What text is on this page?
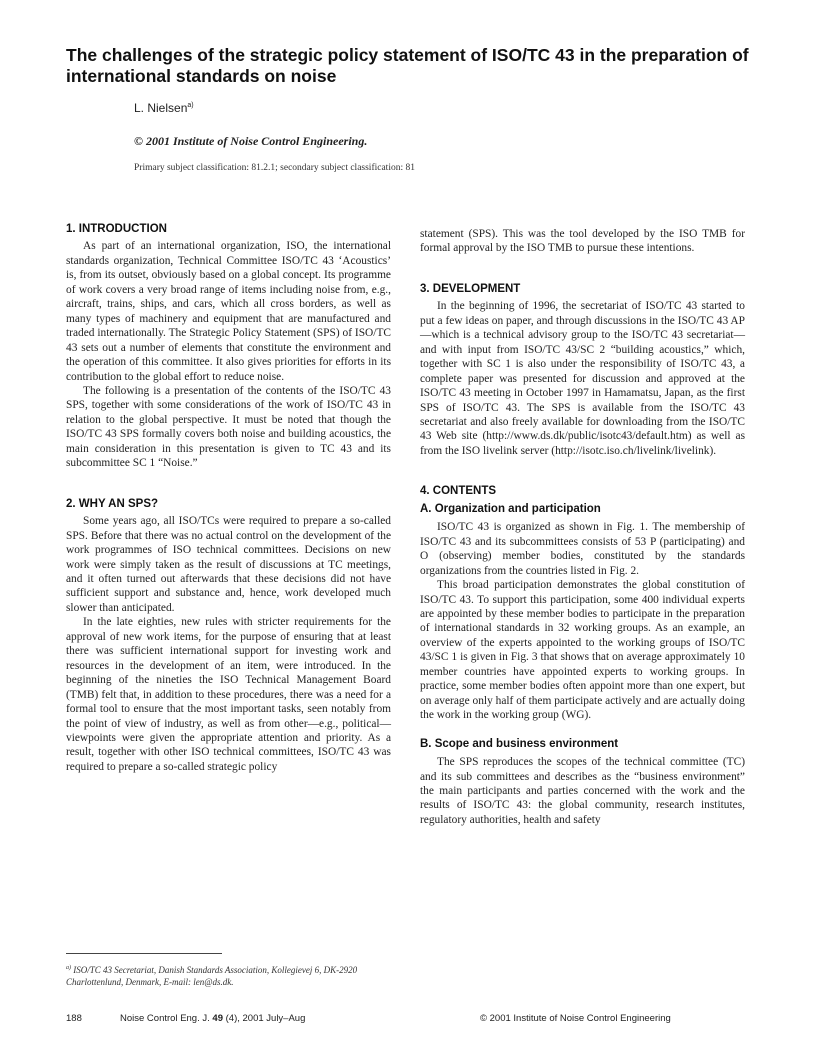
The challenges of the strategic policy statement of ISO/TC 43 in the preparation of international standards on noise
L. Nielsen$^{a)}$
© 2001 Institute of Noise Control Engineering.
Primary subject classification: 81.2.1; secondary subject classification: 81
1. INTRODUCTION

As part of an international organization, ISO, the international standards organization, Technical Committee ISO/TC 43 ‘Acoustics’ is, from its outset, obviously based on a global concept. Its programme of work covers a very broad range of items including noise from, e.g., aircraft, trains, ships, and cars, which all cross borders, as well as many types of machinery and equipment that are manufactured and traded internationally. The Strategic Policy Statement (SPS) of ISO/TC 43 sets out a number of elements that constitute the environment and the operation of this committee. It also gives priorities for efforts in its contribution to the global effort to reduce noise.

The following is a presentation of the contents of the ISO/TC 43 SPS, together with some considerations of the work of ISO/TC 43 in relation to the global perspective. It must be noted that though the ISO/TC 43 SPS formally covers both noise and building acoustics, the main consideration in this presentation is given to TC 43 and its subcommittee SC 1 “Noise.”

2. WHY AN SPS?

Some years ago, all ISO/TCs were required to prepare a so-called SPS. Before that there was no actual control on the development of the work programmes of ISO technical committees. Decisions on new work were simply taken as the result of discussions at TC meetings, and it often turned out afterwards that these decisions did not have sufficient support and substance and, hence, work developed much slower than anticipated.

In the late eighties, new rules with stricter requirements for the approval of new work items, for the purpose of ensuring that at least there was sufficient international support for investing work and resources in the development of an item, were introduced. In the beginning of the nineties the ISO Technical Management Board (TMB) felt that, in addition to these procedures, there was a need for a formal tool to ensure that the most important tasks, seen notably from the point of view of industry, as well as from other—e.g., political—viewpoints were given the appropriate attention and priority. As a result, together with other ISO technical committees, ISO/TC 43 was required to prepare a so-called strategic policy

statement (SPS). This was the tool developed by the ISO TMB for formal approval by the ISO TMB to pursue these intentions.

3. DEVELOPMENT

In the beginning of 1996, the secretariat of ISO/TC 43 started to put a few ideas on paper, and through discussions in the ISO/TC 43 AP—which is a technical advisory group to the ISO/TC 43 secretariat—and with input from ISO/TC 43/SC 2 “building acoustics,” which, together with SC 1 is also under the responsibility of ISO/TC 43, a complete paper was presented for discussion and approved at the ISO/TC 43 meeting in October 1997 in Hamamatsu, Japan, as the first SPS of ISO/TC 43. The SPS is available from the ISO/TC 43 secretariat and also freely available for downloading from the ISO/TC 43 Web site (http://www.ds.dk/public/isotc43/default.htm) as well as from the ISO livelink server (http://isotc.iso.ch/livelink/livelink).

4. CONTENTS
A. Organization and participation

ISO/TC 43 is organized as shown in Fig. 1. The membership of ISO/TC 43 and its subcommittees consists of 53 P (participating) and O (observing) member bodies, constituted by the standards organizations from the countries listed in Fig. 2.

This broad participation demonstrates the global constitution of ISO/TC 43. To support this participation, some 400 individual experts are appointed by these member bodies to participate in the preparation of international standards in 32 working groups. As an example, an overview of the experts appointed to the working groups of ISO/TC 43/SC 1 is given in Fig. 3 that shows that on average approximately 10 member countries have appointed experts to working groups. In practice, some member bodies often appoint more than one expert, but on average only half of them participate actively and are actually doing the work in the working group (WG).

B. Scope and business environment

The SPS reproduces the scopes of the technical committee (TC) and its sub committees and describes as the “business environment” the main participants and parties concerned with the work and the results of ISO/TC 43: the global community, research institutes, regulatory authorities, health and safety

$^{a)}$ ISO/TC 43 Secretariat, Danish Standards Association, Kollegievej 6, DK-2920 Charlottenlund, Denmark, E-mail: len@ds.dk.
188	Noise Control Eng. J. 49 (4), 2001 July–Aug	© 2001 Institute of Noise Control Engineering
